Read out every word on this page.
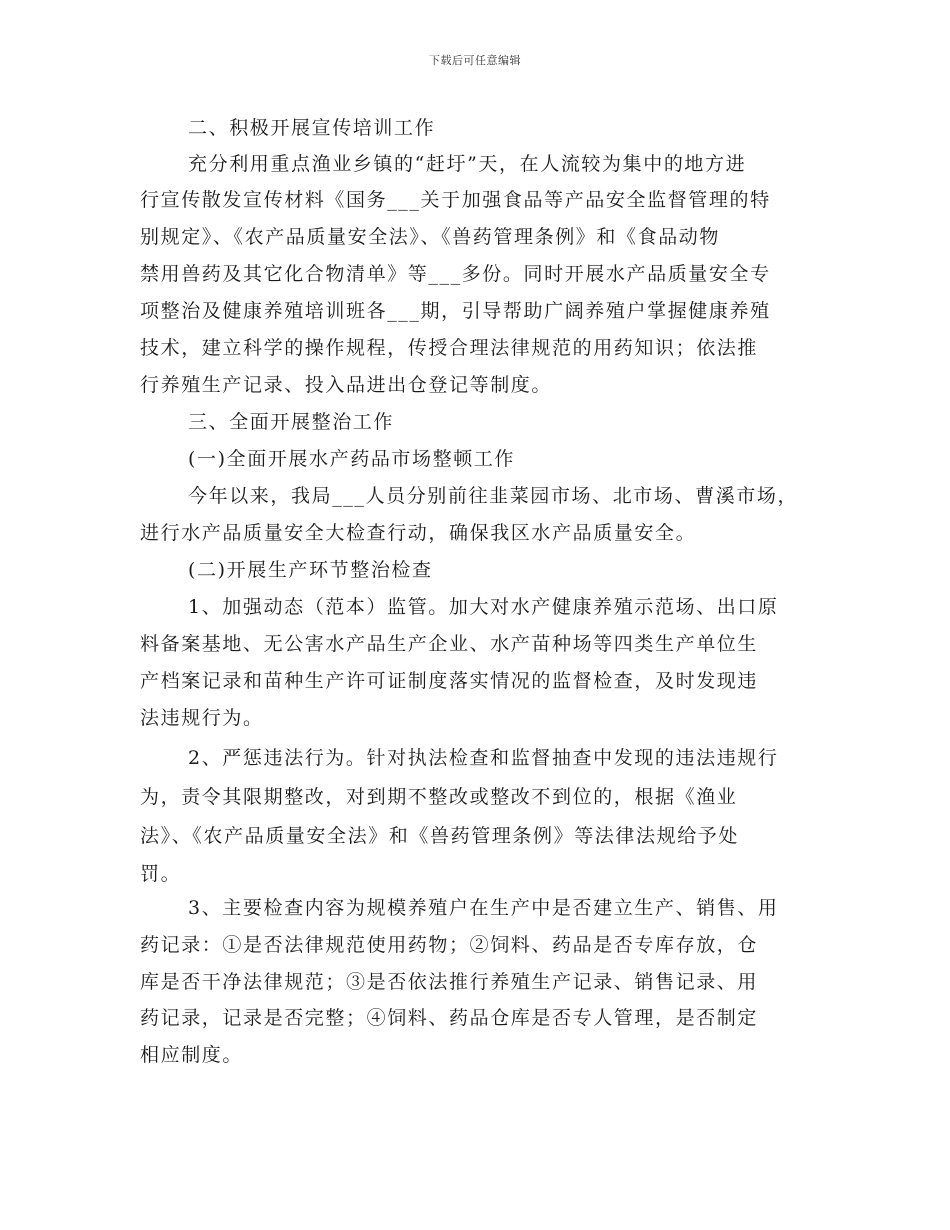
下载后可任意编辑
二、积极开展宣传培训工作
充分利用重点渔业乡镇的“赶圩”天，在人流较为集中的地方进
行宣传散发宣传材料《国务___关于加强食品等产品安全监督管理的特
别规定》、《农产品质量安全法》、《兽药管理条例》和《食品动物
禁用兽药及其它化合物清单》等___多份。同时开展水产品质量安全专
项整治及健康养殖培训班各___期，引导帮助广阔养殖户掌握健康养殖
技术，建立科学的操作规程，传授合理法律规范的用药知识；依法推
行养殖生产记录、投入品进出仓登记等制度。
三、全面开展整治工作
(一)全面开展水产药品市场整顿工作
今年以来，我局___人员分别前往韭菜园市场、北市场、曹溪市场，
进行水产品质量安全大检查行动，确保我区水产品质量安全。
(二)开展生产环节整治检查
1、加强动态（范本）监管。加大对水产健康养殖示范场、出口原
料备案基地、无公害水产品生产企业、水产苗种场等四类生产单位生
产档案记录和苗种生产许可证制度落实情况的监督检查，及时发现违
法违规行为。
2、严惩违法行为。针对执法检查和监督抽查中发现的违法违规行
为，责令其限期整改，对到期不整改或整改不到位的，根据《渔业
法》、《农产品质量安全法》和《兽药管理条例》等法律法规给予处
罚。
3、主要检查内容为规模养殖户在生产中是否建立生产、销售、用
药记录：①是否法律规范使用药物；②饲料、药品是否专库存放，仓
库是否干净法律规范；③是否依法推行养殖生产记录、销售记录、用
药记录，记录是否完整；④饲料、药品仓库是否专人管理，是否制定
相应制度。
